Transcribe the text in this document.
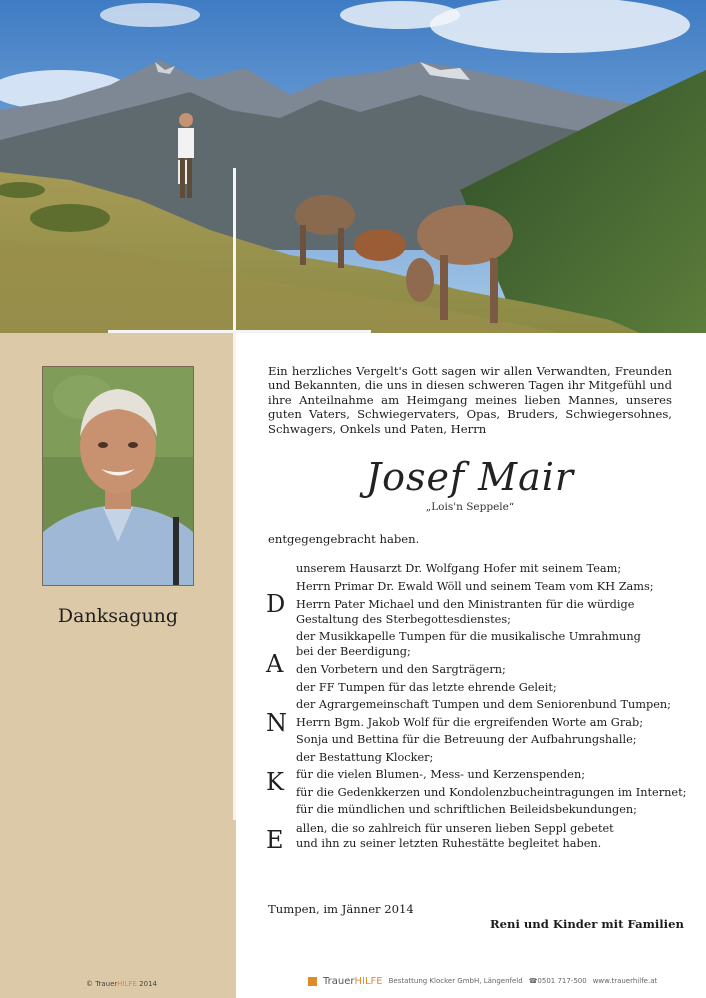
Danksagung
© TrauerHILFE 2014
Ein herzliches Vergelt's Gott sagen wir allen Verwandten, Freunden und Bekannten, die uns in diesen schweren Tagen ihr Mitgefühl und ihre Anteilnahme am Heimgang meines lieben Mannes, unseres guten Vaters, Schwiegervaters, Opas, Bruders, Schwiegersohnes, Schwagers, Onkels und Paten, Herrn
Josef Mair
„Lois'n Seppele“
entgegengebracht haben.
D
A
N
K
E
unserem Hausarzt Dr. Wolfgang Hofer mit seinem Team;
Herrn Primar Dr. Ewald Wöll und seinem Team vom KH Zams;
Herrn Pater Michael und den Ministranten für die würdige Gestaltung des Sterbegottesdienstes;
der Musikkapelle Tumpen für die musikalische Umrahmung bei der Beerdigung;
den Vorbetern und den Sargträgern;
der FF Tumpen für das letzte ehrende Geleit;
der Agrargemeinschaft Tumpen und dem Seniorenbund Tumpen;
Herrn Bgm. Jakob Wolf für die ergreifenden Worte am Grab;
Sonja und Bettina für die Betreuung der Aufbahrungshalle;
der Bestattung Klocker;
für die vielen Blumen-, Mess- und Kerzenspenden;
für die Gedenkkerzen und Kondolenzbucheintragungen im Internet;
für die mündlichen und schriftlichen Beileidsbekundungen;
allen, die so zahlreich für unseren lieben Seppl gebetet und ihn zu seiner letzten Ruhestätte begleitet haben.
Tumpen, im Jänner 2014
Reni und Kinder mit Familien
TrauerHILFE Bestattung Klocker GmbH, Längenfeld ☎0501 717-500 www.trauerhilfe.at
